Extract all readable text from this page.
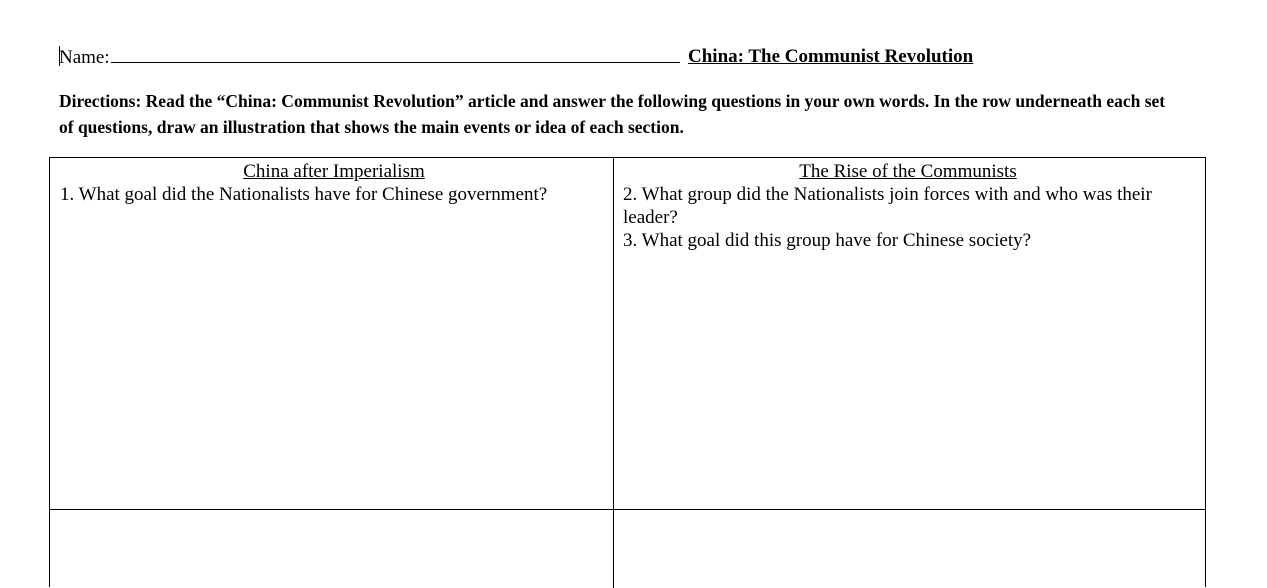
Name:	China: The Communist Revolution
Directions: Read the “China: Communist Revolution” article and answer the following questions in your own words. In the row underneath each set of questions, draw an illustration that shows the main events or idea of each section.
China after Imperialism
1. What goal did the Nationalists have for Chinese government?
The Rise of the Communists
2. What group did the Nationalists join forces with and who was their leader?
3. What goal did this group have for Chinese society?
